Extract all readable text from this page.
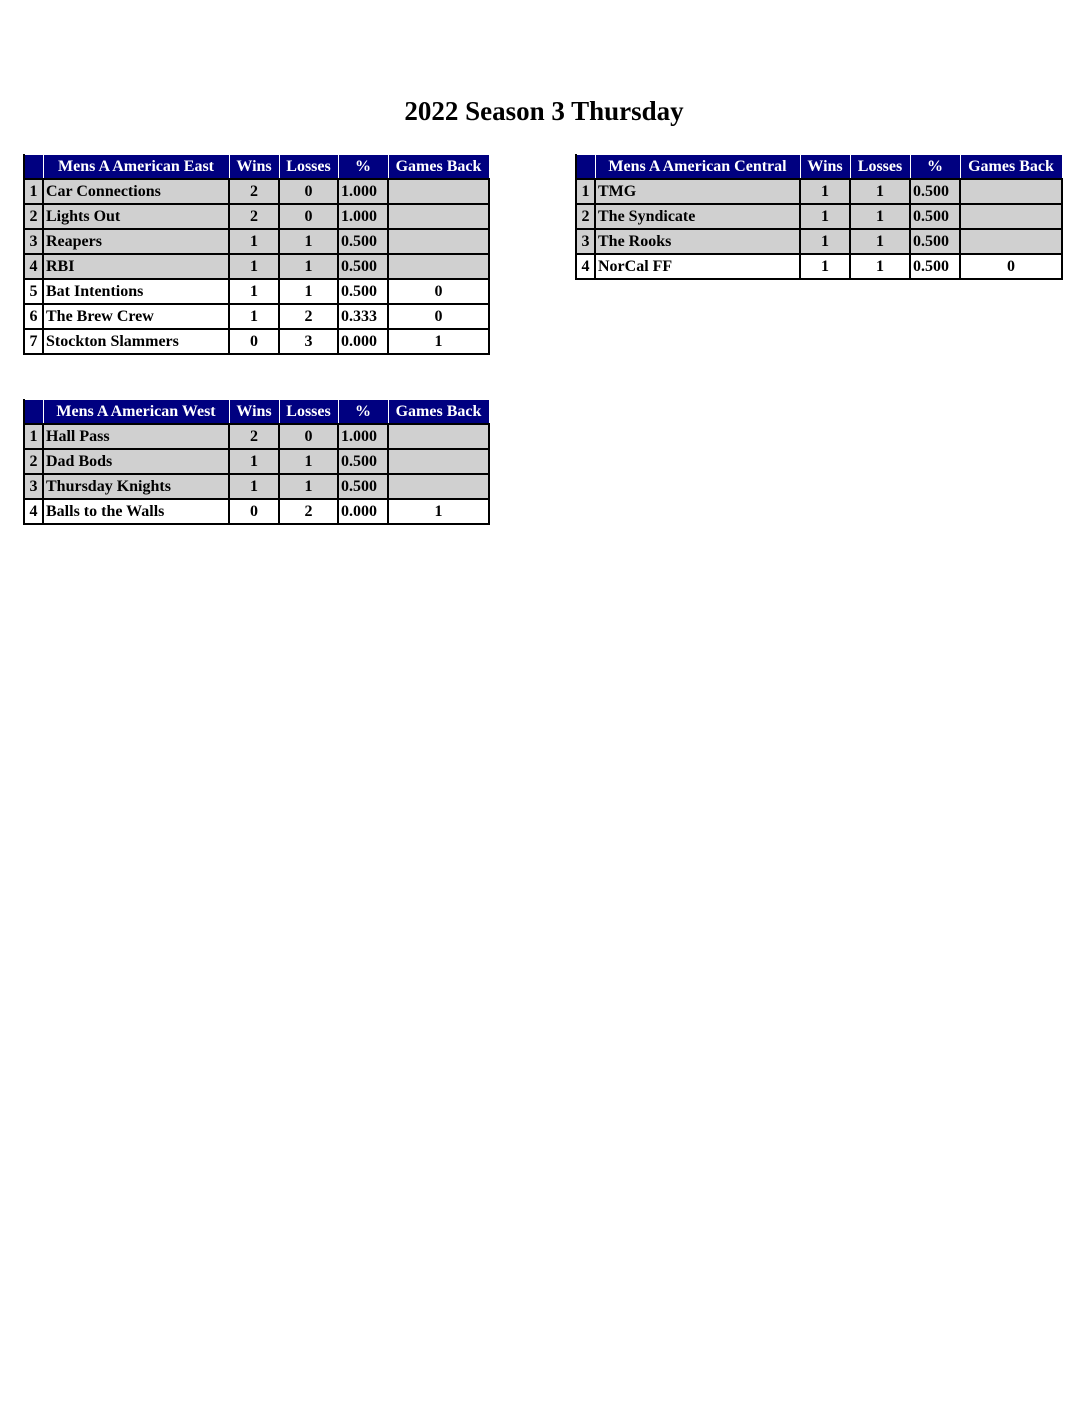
2022 Season 3 Thursday
	Mens A American East	Wins	Losses	%	Games Back
1	Car Connections	2	0	1.000	
2	Lights Out	2	0	1.000	
3	Reapers	1	1	0.500	
4	RBI	1	1	0.500	
5	Bat Intentions	1	1	0.500	0
6	The Brew Crew	1	2	0.333	0
7	Stockton Slammers	0	3	0.000	1
	Mens A American Central	Wins	Losses	%	Games Back
1	TMG	1	1	0.500	
2	The Syndicate	1	1	0.500	
3	The Rooks	1	1	0.500	
4	NorCal FF	1	1	0.500	0
	Mens A American West	Wins	Losses	%	Games Back
1	Hall Pass	2	0	1.000	
2	Dad Bods	1	1	0.500	
3	Thursday Knights	1	1	0.500	
4	Balls to the Walls	0	2	0.000	1
